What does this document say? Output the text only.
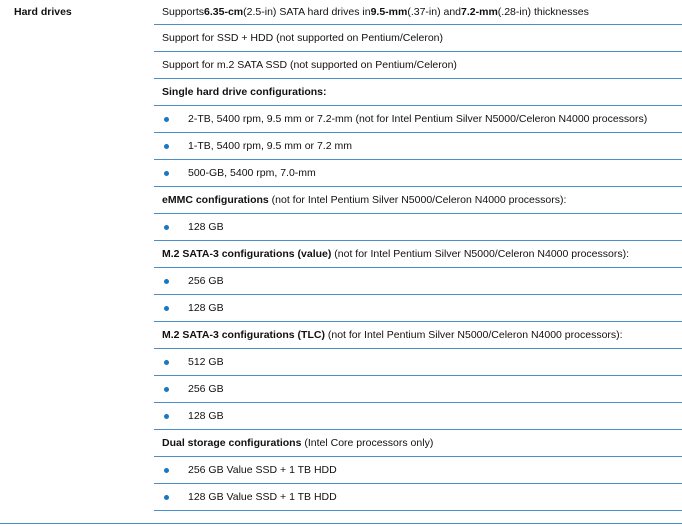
Hard drives	Supports 6.35-cm (2.5-in) SATA hard drives in 9.5-mm (.37-in) and 7.2-mm (.28-in) thicknesses
Support for SSD + HDD (not supported on Pentium/Celeron)
Support for m.2 SATA SSD (not supported on Pentium/Celeron)
Single hard drive configurations:
2-TB, 5400 rpm, 9.5 mm or 7.2-mm (not for Intel Pentium Silver N5000/Celeron N4000 processors)
1-TB, 5400 rpm, 9.5 mm or 7.2 mm
500-GB, 5400 rpm, 7.0-mm
eMMC configurations (not for Intel Pentium Silver N5000/Celeron N4000 processors):
128 GB
M.2 SATA-3 configurations (value) (not for Intel Pentium Silver N5000/Celeron N4000 processors):
256 GB
128 GB
M.2 SATA-3 configurations (TLC) (not for Intel Pentium Silver N5000/Celeron N4000 processors):
512 GB
256 GB
128 GB
Dual storage configurations (Intel Core processors only)
256 GB Value SSD + 1 TB HDD
128 GB Value SSD + 1 TB HDD
